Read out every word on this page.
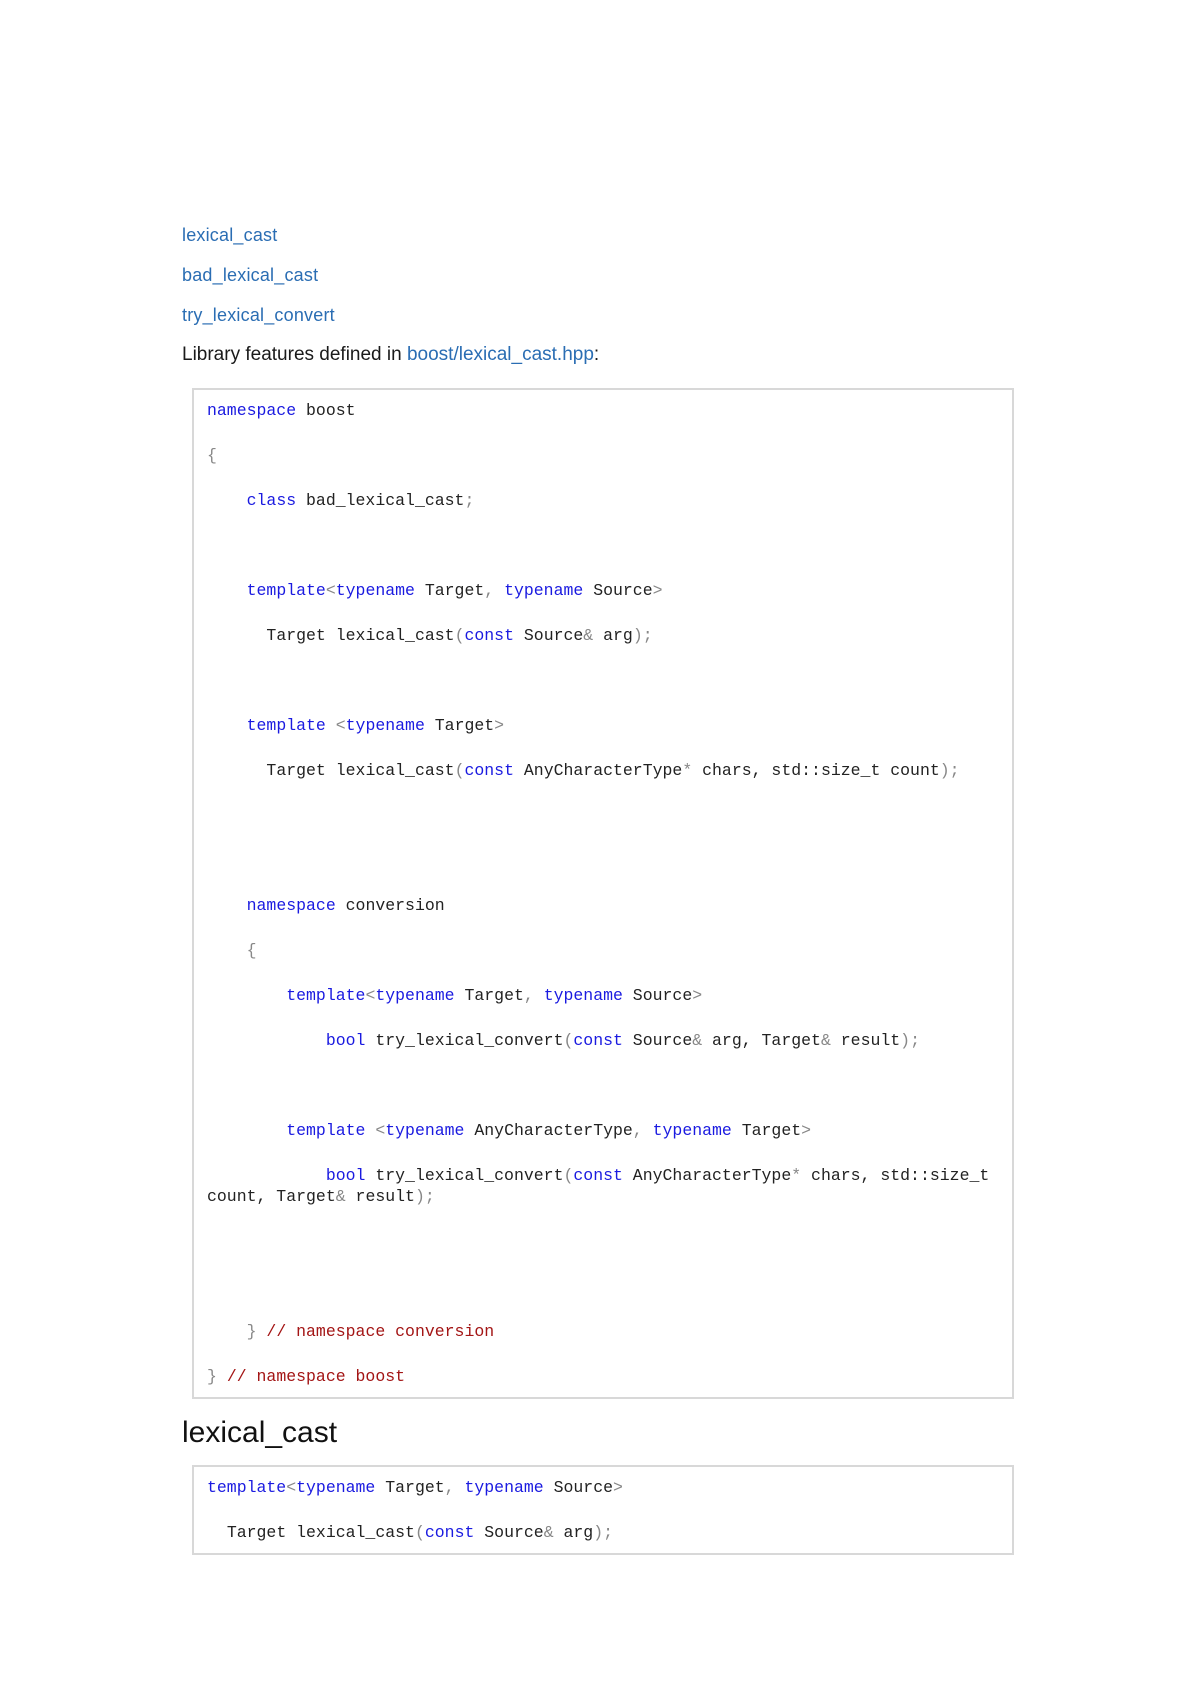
lexical_cast
bad_lexical_cast
try_lexical_convert

Library features defined in boost/lexical_cast.hpp:

namespace boost
{
class bad_lexical_cast;
template<typename Target, typename Source>
Target lexical_cast(const Source& arg);
template <typename Target>
Target lexical_cast(const AnyCharacterType* chars, std::size_t count);
namespace conversion
{
template<typename Target, typename Source>
bool try_lexical_convert(const Source& arg, Target& result);
template <typename AnyCharacterType, typename Target>
bool try_lexical_convert(const AnyCharacterType* chars, std::size_t count, Target& result);
} // namespace conversion
} // namespace boost
lexical_cast
template<typename Target, typename Source>
Target lexical_cast(const Source& arg);
